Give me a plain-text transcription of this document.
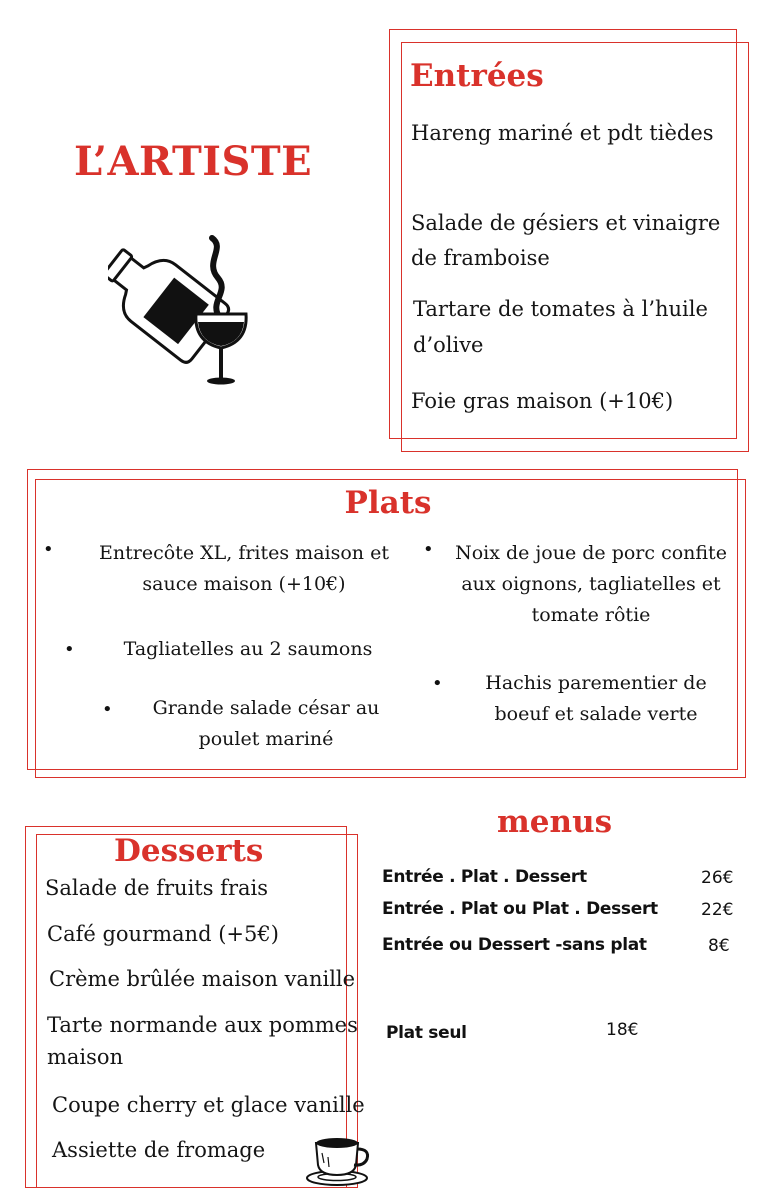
L’ARTISTE
Entrées
Hareng mariné et pdt tièdes
Salade de gésiers et vinaigre
de framboise
Tartare de tomates à l’huile
d’olive
Foie gras maison (+10€)
Plats
•	Entrecôte XL, frites maison et
sauce maison (+10€)
•	Noix de joue de porc confite
aux oignons, tagliatelles et
tomate rôtie
•	Tagliatelles au 2 saumons
•	Hachis parementier de
boeuf et salade verte
•	Grande salade césar au
poulet mariné
Desserts
Salade de fruits frais
Café gourmand (+5€)
Crème brûlée maison vanille
Tarte normande aux pommes
maison
Coupe cherry et glace vanille
Assiette de fromage
menus
Entrée . Plat . Dessert	26€
Entrée . Plat ou Plat . Dessert	22€
Entrée ou Dessert -sans plat	8€
Plat seul	18€
